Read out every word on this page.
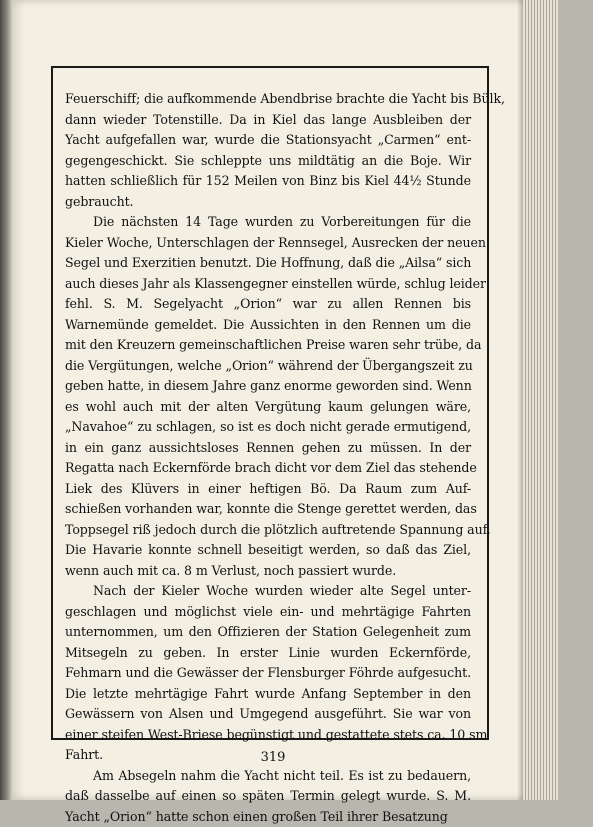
Feuerschiff; die aufkommende Abendbrise brachte die Yacht bis Bülk,
dann wieder Totenstille. Da in Kiel das lange Ausbleiben der
Yacht aufgefallen war, wurde die Stationsyacht „Carmen“ ent-
gegengeschickt. Sie schleppte uns mildtätig an die Boje. Wir
hatten schließlich für 152 Meilen von Binz bis Kiel 44½ Stunde
gebraucht.

Die nächsten 14 Tage wurden zu Vorbereitungen für die
Kieler Woche, Unterschlagen der Rennsegel, Ausrecken der neuen
Segel und Exerzitien benutzt. Die Hoffnung, daß die „Ailsa“ sich
auch dieses Jahr als Klassengegner einstellen würde, schlug leider
fehl. S. M. Segelyacht „Orion“ war zu allen Rennen bis
Warnemünde gemeldet. Die Aussichten in den Rennen um die
mit den Kreuzern gemeinschaftlichen Preise waren sehr trübe, da
die Vergütungen, welche „Orion“ während der Übergangszeit zu
geben hatte, in diesem Jahre ganz enorme geworden sind. Wenn
es wohl auch mit der alten Vergütung kaum gelungen wäre,
„Navahoe“ zu schlagen, so ist es doch nicht gerade ermutigend,
in ein ganz aussichtsloses Rennen gehen zu müssen. In der
Regatta nach Eckernförde brach dicht vor dem Ziel das stehende
Liek des Klüvers in einer heftigen Bö. Da Raum zum Auf-
schießen vorhanden war, konnte die Stenge gerettet werden, das
Toppsegel riß jedoch durch die plötzlich auftretende Spannung auf.
Die Havarie konnte schnell beseitigt werden, so daß das Ziel,
wenn auch mit ca. 8 m Verlust, noch passiert wurde.

Nach der Kieler Woche wurden wieder alte Segel unter-
geschlagen und möglichst viele ein- und mehrtägige Fahrten
unternommen, um den Offizieren der Station Gelegenheit zum
Mitsegeln zu geben. In erster Linie wurden Eckernförde,
Fehmarn und die Gewässer der Flensburger Föhrde aufgesucht.
Die letzte mehrtägige Fahrt wurde Anfang September in den
Gewässern von Alsen und Umgegend ausgeführt. Sie war von
einer steifen West-Briese begünstigt und gestattete stets ca. 10 sm
Fahrt.

Am Absegeln nahm die Yacht nicht teil. Es ist zu bedauern,
daß dasselbe auf einen so späten Termin gelegt wurde. S. M.
Yacht „Orion“ hatte schon einen großen Teil ihrer Besatzung

319
